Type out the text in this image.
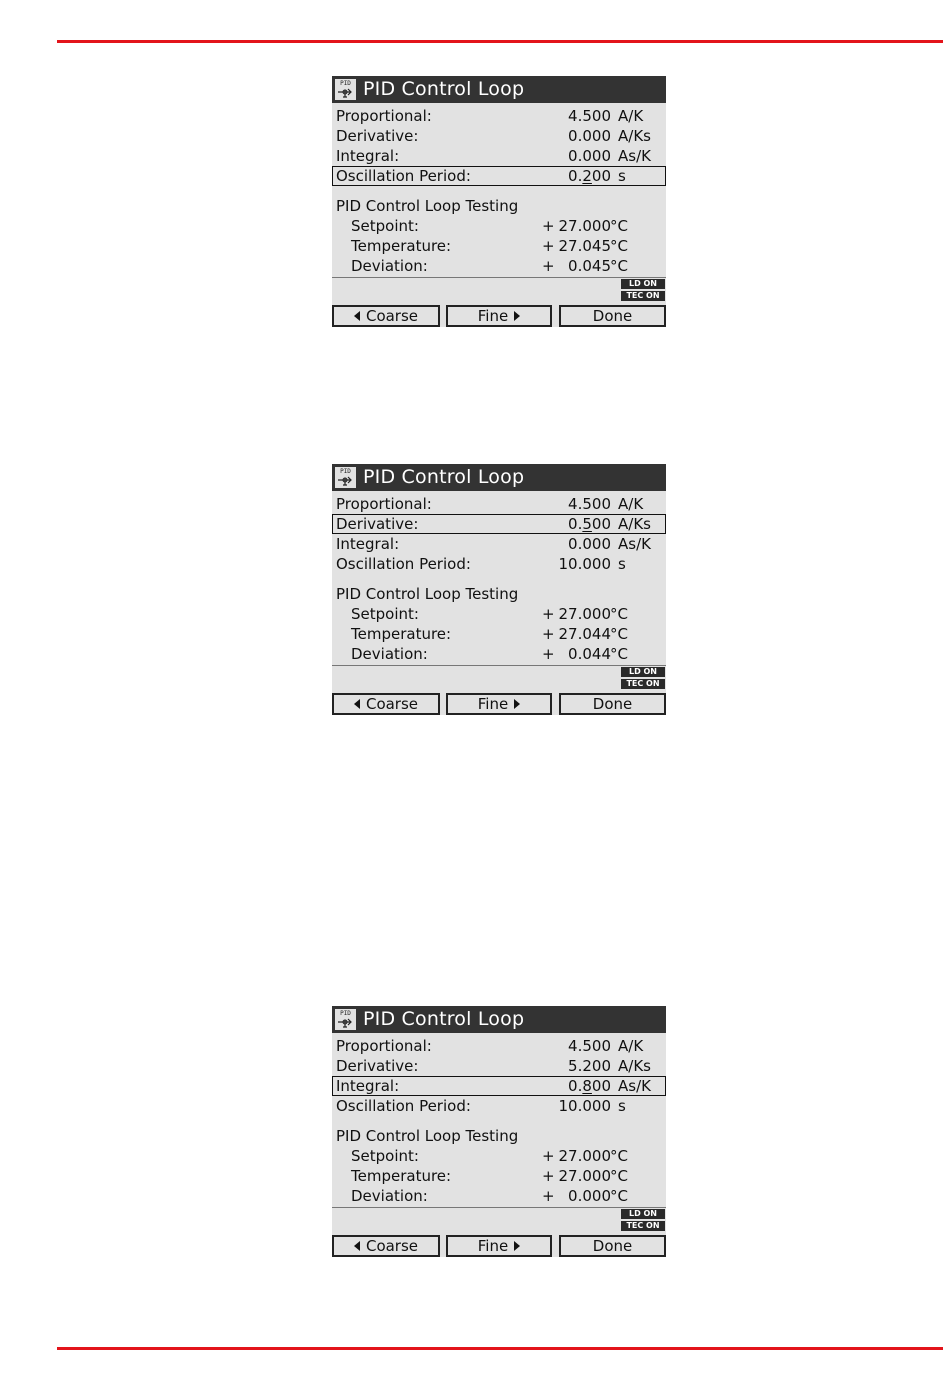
PID PID Control Loop
Proportional:	4.500 A/K
Derivative:	0.000 A/Ks
Integral:	0.000 As/K
Oscillation Period:	0.200 s
PID Control Loop Testing
Setpoint:	+ 27.000 °C
Temperature:	+ 27.045 °C
Deviation:	+ 0.045 °C
LD ON
TEC ON
Coarse	Fine	Done
PID PID Control Loop
Proportional:	4.500 A/K
Derivative:	0.500 A/Ks
Integral:	0.000 As/K
Oscillation Period:	10.000 s
PID Control Loop Testing
Setpoint:	+ 27.000 °C
Temperature:	+ 27.044 °C
Deviation:	+ 0.044 °C
LD ON
TEC ON
Coarse	Fine	Done
PID PID Control Loop
Proportional:	4.500 A/K
Derivative:	5.200 A/Ks
Integral:	0.800 As/K
Oscillation Period:	10.000 s
PID Control Loop Testing
Setpoint:	+ 27.000 °C
Temperature:	+ 27.000 °C
Deviation:	+ 0.000 °C
LD ON
TEC ON
Coarse	Fine	Done
